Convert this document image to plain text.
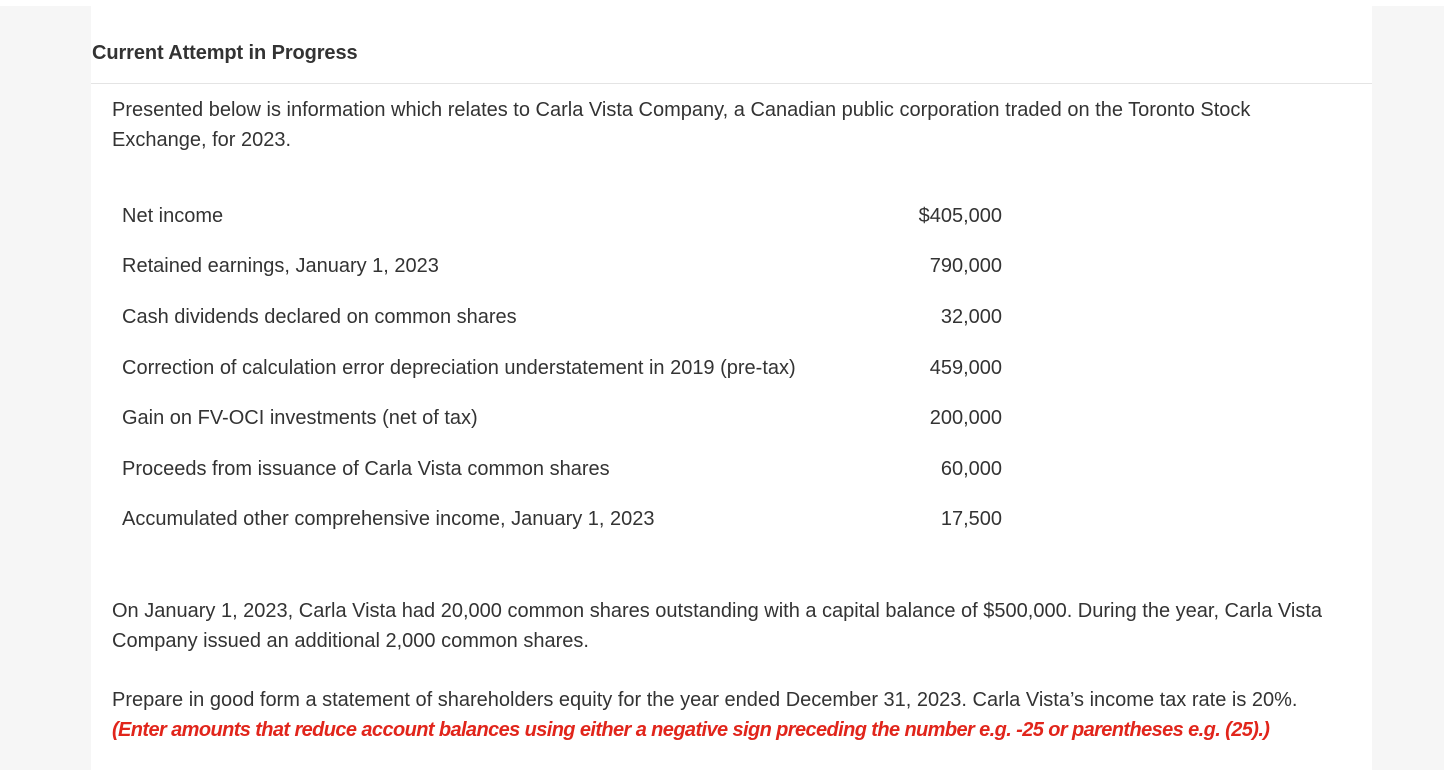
Current Attempt in Progress

Presented below is information which relates to Carla Vista Company, a Canadian public corporation traded on the Toronto Stock Exchange, for 2023.

Net income	$405,000
Retained earnings, January 1, 2023	790,000
Cash dividends declared on common shares	32,000
Correction of calculation error depreciation understatement in 2019 (pre-tax)	459,000
Gain on FV-OCI investments (net of tax)	200,000
Proceeds from issuance of Carla Vista common shares	60,000
Accumulated other comprehensive income, January 1, 2023	17,500

On January 1, 2023, Carla Vista had 20,000 common shares outstanding with a capital balance of $500,000. During the year, Carla Vista Company issued an additional 2,000 common shares.

Prepare in good form a statement of shareholders equity for the year ended December 31, 2023. Carla Vista’s income tax rate is 20%.
(Enter amounts that reduce account balances using either a negative sign preceding the number e.g. -25 or parentheses e.g. (25).)
